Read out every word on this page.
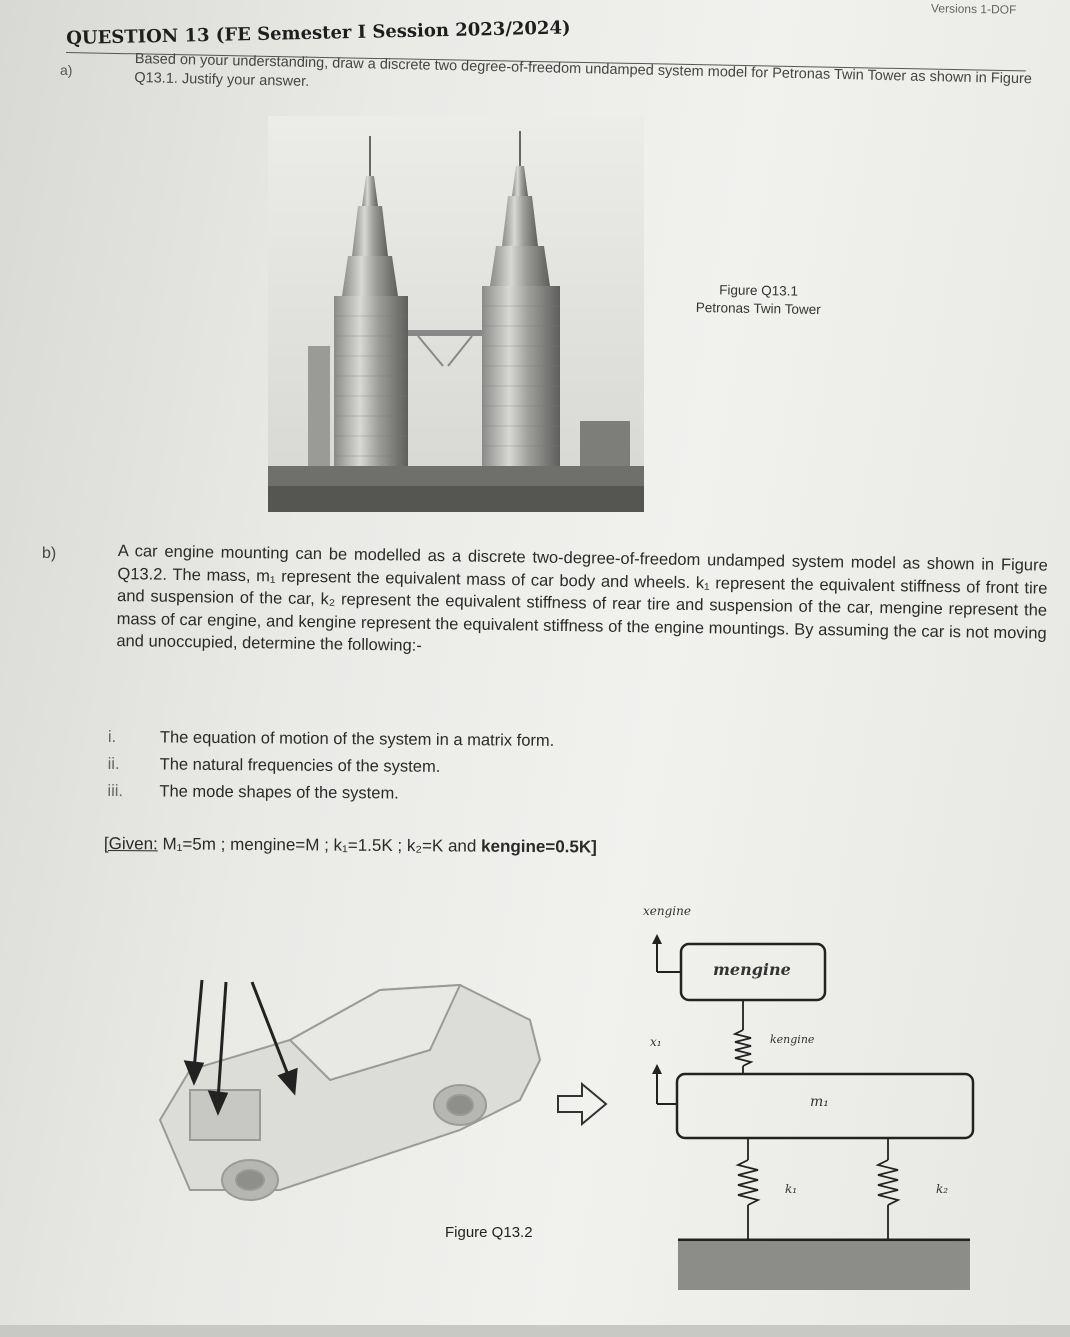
Versions 1-DOF
QUESTION 13 (FE Semester I Session 2023/2024)
a)	Based on your understanding, draw a discrete two degree-of-freedom undamped system model for Petronas Twin Tower as shown in Figure Q13.1. Justify your answer.
Figure Q13.1
Petronas Twin Tower
b)	A car engine mounting can be modelled as a discrete two-degree-of-freedom undamped system model as shown in Figure Q13.2. The mass, m₁ represent the equivalent mass of car body and wheels. k₁ represent the equivalent stiffness of front tire and suspension of the car, k₂ represent the equivalent stiffness of rear tire and suspension of the car, mengine represent the mass of car engine, and kengine represent the equivalent stiffness of the engine mountings. By assuming the car is not moving and unoccupied, determine the following:-
i.	The equation of motion of the system in a matrix form.
ii.	The natural frequencies of the system.
iii.	The mode shapes of the system.
[Given: M₁=5m ; mengine=M ; k₁=1.5K ; k₂=K and kengine=0.5K]
xengine
mengine
kengine
x₁
m₁
k₁	k₂
Figure Q13.2
